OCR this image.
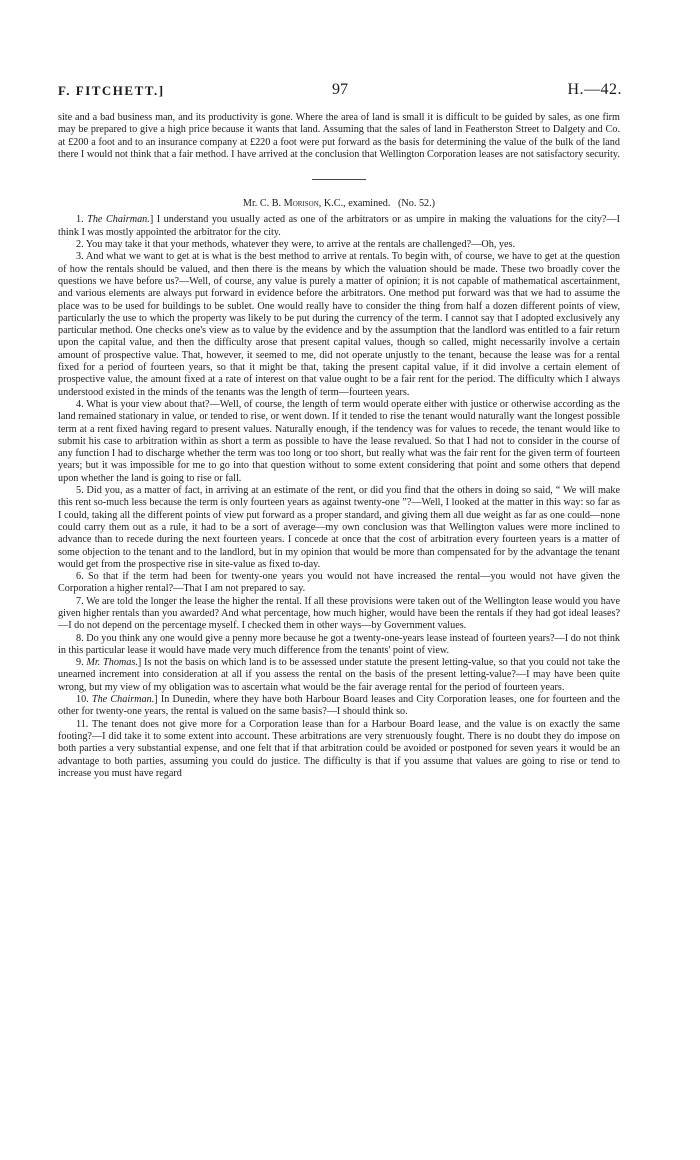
F. FITCHETT.]	97	H.—42.

site and a bad business man, and its productivity is gone. Where the area of land is small it is difficult to be guided by sales, as one firm may be prepared to give a high price because it wants that land. Assuming that the sales of land in Featherston Street to Dalgety and Co. at £200 a foot and to an insurance company at £220 a foot were put forward as the basis for determining the value of the bulk of the land there I would not think that a fair method. I have arrived at the conclusion that Wellington Corporation leases are not satisfactory security.

Mr. C. B. Morison, K.C., examined. (No. 52.)

1. The Chairman.] I understand you usually acted as one of the arbitrators or as umpire in making the valuations for the city?—I think I was mostly appointed the arbitrator for the city.

2. You may take it that your methods, whatever they were, to arrive at the rentals are challenged?—Oh, yes.

3. And what we want to get at is what is the best method to arrive at rentals. To begin with, of course, we have to get at the question of how the rentals should be valued, and then there is the means by which the valuation should be made. These two broadly cover the questions we have before us?—Well, of course, any value is purely a matter of opinion; it is not capable of mathematical ascertainment, and various elements are always put forward in evidence before the arbitrators. One method put forward was that we had to assume the place was to be used for buildings to be sublet. One would really have to consider the thing from half a dozen different points of view, particularly the use to which the property was likely to be put during the currency of the term. I cannot say that I adopted exclusively any particular method. One checks one's view as to value by the evidence and by the assumption that the landlord was entitled to a fair return upon the capital value, and then the difficulty arose that present capital values, though so called, might necessarily involve a certain amount of prospective value. That, however, it seemed to me, did not operate unjustly to the tenant, because the lease was for a rental fixed for a period of fourteen years, so that it might be that, taking the present capital value, if it did involve a certain element of prospective value, the amount fixed at a rate of interest on that value ought to be a fair rent for the period. The difficulty which I always understood existed in the minds of the tenants was the length of term—fourteen years.

4. What is your view about that?—Well, of course, the length of term would operate either with justice or otherwise according as the land remained stationary in value, or tended to rise, or went down. If it tended to rise the tenant would naturally want the longest possible term at a rent fixed having regard to present values. Naturally enough, if the tendency was for values to recede, the tenant would like to submit his case to arbitration within as short a term as possible to have the lease revalued. So that I had not to consider in the course of any function I had to discharge whether the term was too long or too short, but really what was the fair rent for the given term of fourteen years; but it was impossible for me to go into that question without to some extent considering that point and some others that depend upon whether the land is going to rise or fall.

5. Did you, as a matter of fact, in arriving at an estimate of the rent, or did you find that the others in doing so said, “ We will make this rent so-much less because the term is only fourteen years as against twenty-one ”?—Well, I looked at the matter in this way: so far as I could, taking all the different points of view put forward as a proper standard, and giving them all due weight as far as one could—none could carry them out as a rule, it had to be a sort of average—my own conclusion was that Wellington values were more inclined to advance than to recede during the next fourteen years. I concede at once that the cost of arbitration every fourteen years is a matter of some objection to the tenant and to the landlord, but in my opinion that would be more than compensated for by the advantage the tenant would get from the prospective rise in site-value as fixed to-day.

6. So that if the term had been for twenty-one years you would not have increased the rental—you would not have given the Corporation a higher rental?—That I am not prepared to say.

7. We are told the longer the lease the higher the rental. If all these provisions were taken out of the Wellington lease would you have given higher rentals than you awarded? And what percentage, how much higher, would have been the rentals if they had got ideal leases?—I do not depend on the percentage myself. I checked them in other ways—by Government values.

8. Do you think any one would give a penny more because he got a twenty-one-years lease instead of fourteen years?—I do not think in this particular lease it would have made very much difference from the tenants' point of view.

9. Mr. Thomas.] Is not the basis on which land is to be assessed under statute the present letting-value, so that you could not take the unearned increment into consideration at all if you assess the rental on the basis of the present letting-value?—I may have been quite wrong, but my view of my obligation was to ascertain what would be the fair average rental for the period of fourteen years.

10. The Chairman.] In Dunedin, where they have both Harbour Board leases and City Corporation leases, one for fourteen and the other for twenty-one years, the rental is valued on the same basis?—I should think so.

11. The tenant does not give more for a Corporation lease than for a Harbour Board lease, and the value is on exactly the same footing?—I did take it to some extent into account. These arbitrations are very strenuously fought. There is no doubt they do impose on both parties a very substantial expense, and one felt that if that arbitration could be avoided or postponed for seven years it would be an advantage to both parties, assuming you could do justice. The difficulty is that if you assume that values are going to rise or tend to increase you must have regard
